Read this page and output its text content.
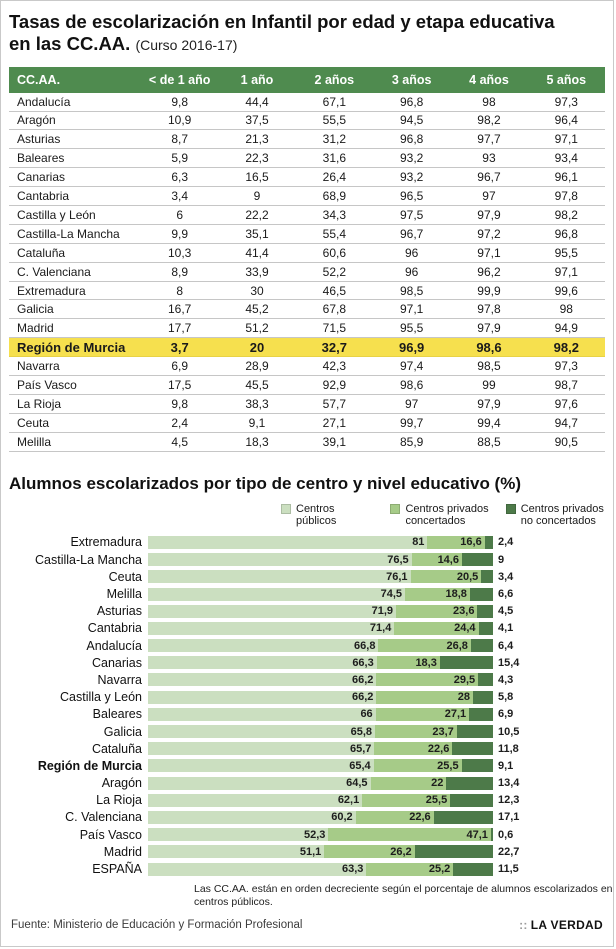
Tasas de escolarización en Infantil por edad y etapa educativa
en las CC.AA. (Curso 2016-17)
CC.AA.	< de 1 año	1 año	2 años	3 años	4 años	5 años
Andalucía	9,8	44,4	67,1	96,8	98	97,3
Aragón	10,9	37,5	55,5	94,5	98,2	96,4
Asturias	8,7	21,3	31,2	96,8	97,7	97,1
Baleares	5,9	22,3	31,6	93,2	93	93,4
Canarias	6,3	16,5	26,4	93,2	96,7	96,1
Cantabria	3,4	9	68,9	96,5	97	97,8
Castilla y León	6	22,2	34,3	97,5	97,9	98,2
Castilla-La Mancha	9,9	35,1	55,4	96,7	97,2	96,8
Cataluña	10,3	41,4	60,6	96	97,1	95,5
C. Valenciana	8,9	33,9	52,2	96	96,2	97,1
Extremadura	8	30	46,5	98,5	99,9	99,6
Galicia	16,7	45,2	67,8	97,1	97,8	98
Madrid	17,7	51,2	71,5	95,5	97,9	94,9
Región de Murcia	3,7	20	32,7	96,9	98,6	98,2
Navarra	6,9	28,9	42,3	97,4	98,5	97,3
País Vasco	17,5	45,5	92,9	98,6	99	98,7
La Rioja	9,8	38,3	57,7	97	97,9	97,6
Ceuta	2,4	9,1	27,1	99,7	99,4	94,7
Melilla	4,5	18,3	39,1	85,9	88,5	90,5
Alumnos escolarizados por tipo de centro y nivel educativo (%)
Centros públicos
Centros privados concertados
Centros privados no concertados
Extremadura	81	16,6 2,4
Castilla-La Mancha	76,5	14,6	9
Ceuta	76,1	20,5 3,4
Melilla	74,5	18,8	6,6
Asturias	71,9	23,6 4,5
Cantabria	71,4	24,4 4,1
Andalucía	66,8	26,8	6,4
Canarias	66,3	18,3	15,4
Navarra	66,2	29,5 4,3
Castilla y León	66,2	28	5,8
Baleares	66	27,1	6,9
Galicia	65,8	23,7	10,5
Cataluña	65,7	22,6	11,8
Región de Murcia	65,4	25,5	9,1
Aragón	64,5	22	13,4
La Rioja	62,1	25,5	12,3
C. Valenciana	60,2	22,6	17,1
País Vasco	52,3	47,1 0,6
Madrid	51,1	26,2	22,7
ESPAÑA	63,3	25,2	11,5
Las CC.AA. están en orden decreciente según el porcentaje de alumnos escolarizados en centros públicos.
Fuente: Ministerio de Educación y Formación Profesional	:: LA VERDAD
